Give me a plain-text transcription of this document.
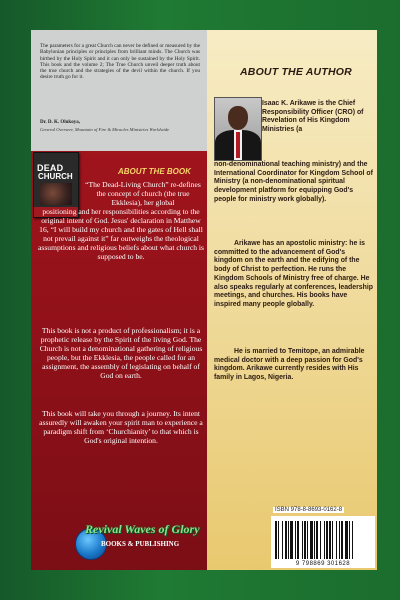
The parameters for a great Church can never be defined or measured by the Babylonian principles or principles from brilliant minds. The Church was birthed by the Holy Spirit and it can only be sustained by the Holy Spirit. This book and the volume 2; The True Church unveil deeper truth about the true church and the strategies of the devil within the church. If you desire truth go for it.
Dr. D. K. Olukoya,
General Overseer, Mountain of Fire & Miracles Ministries Worldwide
DEAD
CHURCH
ABOUT THE BOOK
“The Dead-Living Church” re-defines the concept of church (the true Ekklesia), her global
positioning and her responsibilities according to the original intent of God. Jesus' declaration in Matthew 16, “I will build my church and the gates of Hell shall not prevail against it” far outweighs the theological assumptions and religious beliefs about what church is supposed to be.
This book is not a product of professionalism; it is a prophetic release by the Spirit of the living God. The Church is not a denominational gathering of religious people, but the Ekklesia, the people called for an assignment, the assembly of legislating on behalf of God on earth.
This book will take you through a journey. Its intent assuredly will awaken your spirit man to experience a paradigm shift from ‘Churchianity’ to that which is God's original intention.
Revival Waves of Glory
BOOKS & PUBLISHING
ABOUT THE AUTHOR
Isaac K. Arikawe is the Chief Responsibility Officer (CRO) of Revelation of His Kingdom Ministries (a
non-denominational teaching ministry) and the International Coordinator for Kingdom School of Ministry (a non-denominational spiritual development platform for equipping God's people for ministry work globally).
Arikawe has an apostolic ministry: he is committed to the advancement of God's kingdom on the earth and the edifying of the body of Christ to perfection. He runs the Kingdom Schools of Ministry free of charge. He also speaks regularly at conferences, leadership meetings, and churches. His books have inspired many people globally.
He is married to Temitope, an admirable medical doctor with a deep passion for God's kingdom. Arikawe currently resides with His family in Lagos, Nigeria.
ISBN 978-8-8693-0162-8
9 798869 301628
